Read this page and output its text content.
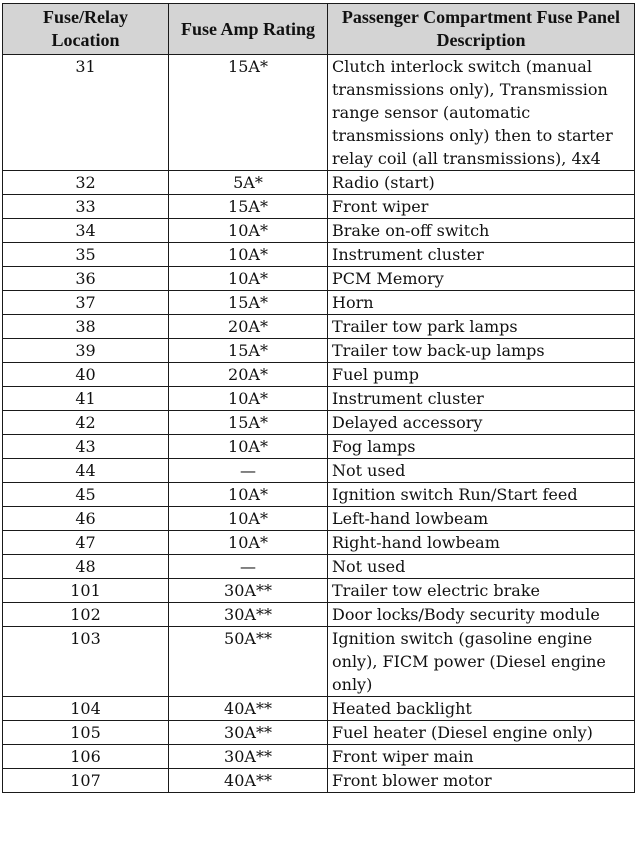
Fuse/Relay Location	Fuse Amp Rating	Passenger Compartment Fuse Panel Description
31	15A*	Clutch interlock switch (manual transmissions only), Transmission range sensor (automatic transmissions only) then to starter relay coil (all transmissions), 4x4
32	5A*	Radio (start)
33	15A*	Front wiper
34	10A*	Brake on-off switch
35	10A*	Instrument cluster
36	10A*	PCM Memory
37	15A*	Horn
38	20A*	Trailer tow park lamps
39	15A*	Trailer tow back-up lamps
40	20A*	Fuel pump
41	10A*	Instrument cluster
42	15A*	Delayed accessory
43	10A*	Fog lamps
44	—	Not used
45	10A*	Ignition switch Run/Start feed
46	10A*	Left-hand lowbeam
47	10A*	Right-hand lowbeam
48	—	Not used
101	30A**	Trailer tow electric brake
102	30A**	Door locks/Body security module
103	50A**	Ignition switch (gasoline engine only), FICM power (Diesel engine only)
104	40A**	Heated backlight
105	30A**	Fuel heater (Diesel engine only)
106	30A**	Front wiper main
107	40A**	Front blower motor
